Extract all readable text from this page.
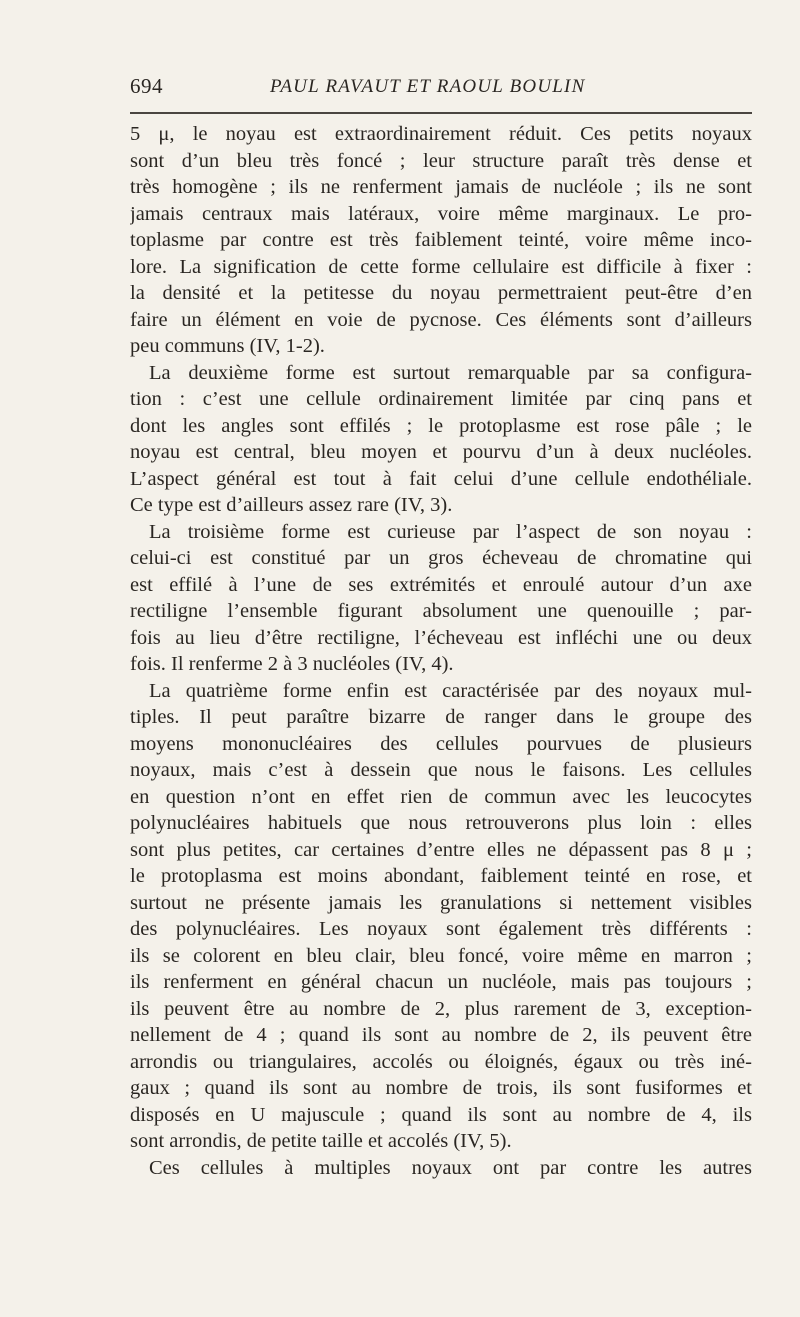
694	PAUL RAVAUT ET RAOUL BOULIN
5 μ, le noyau est extraordinairement réduit. Ces petits noyaux
sont d’un bleu très foncé ; leur structure paraît très dense et
très homogène ; ils ne renferment jamais de nucléole ; ils ne sont
jamais centraux mais latéraux, voire même marginaux. Le pro-
toplasme par contre est très faiblement teinté, voire même inco-
lore. La signification de cette forme cellulaire est difficile à fixer :
la densité et la petitesse du noyau permettraient peut-être d’en
faire un élément en voie de pycnose. Ces éléments sont d’ailleurs
peu communs (IV, 1-2).
La deuxième forme est surtout remarquable par sa configura-
tion : c’est une cellule ordinairement limitée par cinq pans et
dont les angles sont effilés ; le protoplasme est rose pâle ; le
noyau est central, bleu moyen et pourvu d’un à deux nucléoles.
L’aspect général est tout à fait celui d’une cellule endothéliale.
Ce type est d’ailleurs assez rare (IV, 3).
La troisième forme est curieuse par l’aspect de son noyau :
celui-ci est constitué par un gros écheveau de chromatine qui
est effilé à l’une de ses extrémités et enroulé autour d’un axe
rectiligne l’ensemble figurant absolument une quenouille ; par-
fois au lieu d’être rectiligne, l’écheveau est infléchi une ou deux
fois. Il renferme 2 à 3 nucléoles (IV, 4).
La quatrième forme enfin est caractérisée par des noyaux mul-
tiples. Il peut paraître bizarre de ranger dans le groupe des
moyens mononucléaires des cellules pourvues de plusieurs
noyaux, mais c’est à dessein que nous le faisons. Les cellules
en question n’ont en effet rien de commun avec les leucocytes
polynucléaires habituels que nous retrouverons plus loin : elles
sont plus petites, car certaines d’entre elles ne dépassent pas 8 μ ;
le protoplasma est moins abondant, faiblement teinté en rose, et
surtout ne présente jamais les granulations si nettement visibles
des polynucléaires. Les noyaux sont également très différents :
ils se colorent en bleu clair, bleu foncé, voire même en marron ;
ils renferment en général chacun un nucléole, mais pas toujours ;
ils peuvent être au nombre de 2, plus rarement de 3, exception-
nellement de 4 ; quand ils sont au nombre de 2, ils peuvent être
arrondis ou triangulaires, accolés ou éloignés, égaux ou très iné-
gaux ; quand ils sont au nombre de trois, ils sont fusiformes et
disposés en U majuscule ; quand ils sont au nombre de 4, ils
sont arrondis, de petite taille et accolés (IV, 5).
Ces cellules à multiples noyaux ont par contre les autres
